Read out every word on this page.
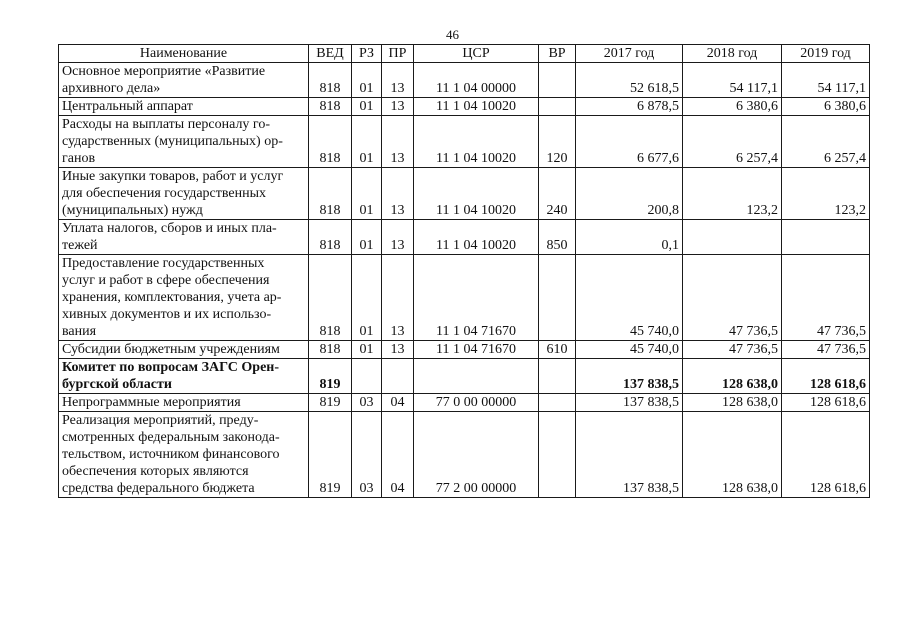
46
Наименование	ВЕД	РЗ	ПР	ЦСР	ВР	2017 год	2018 год	2019 год
Основное мероприятие «Развитие
архивного дела»	818	01	13	11 1 04 00000		52 618,5	54 117,1	54 117,1
Центральный аппарат	818	01	13	11 1 04 10020		6 878,5	6 380,6	6 380,6
Расходы на выплаты персоналу го-
сударственных (муниципальных) ор-
ганов	818	01	13	11 1 04 10020	120	6 677,6	6 257,4	6 257,4
Иные закупки товаров, работ и услуг
для обеспечения государственных
(муниципальных) нужд	818	01	13	11 1 04 10020	240	200,8	123,2	123,2
Уплата налогов, сборов и иных пла-
тежей	818	01	13	11 1 04 10020	850	0,1		
Предоставление государственных
услуг и работ в сфере обеспечения
хранения, комплектования, учета ар-
хивных документов и их использо-
вания	818	01	13	11 1 04 71670		45 740,0	47 736,5	47 736,5
Субсидии бюджетным учреждениям	818	01	13	11 1 04 71670	610	45 740,0	47 736,5	47 736,5
Комитет по вопросам ЗАГС Орен-
бургской области	819					137 838,5	128 638,0	128 618,6
Непрограммные мероприятия	819	03	04	77 0 00 00000		137 838,5	128 638,0	128 618,6
Реализация мероприятий, преду-
смотренных федеральным законода-
тельством, источником финансового
обеспечения которых являются
средства федерального бюджета	819	03	04	77 2 00 00000		137 838,5	128 638,0	128 618,6
